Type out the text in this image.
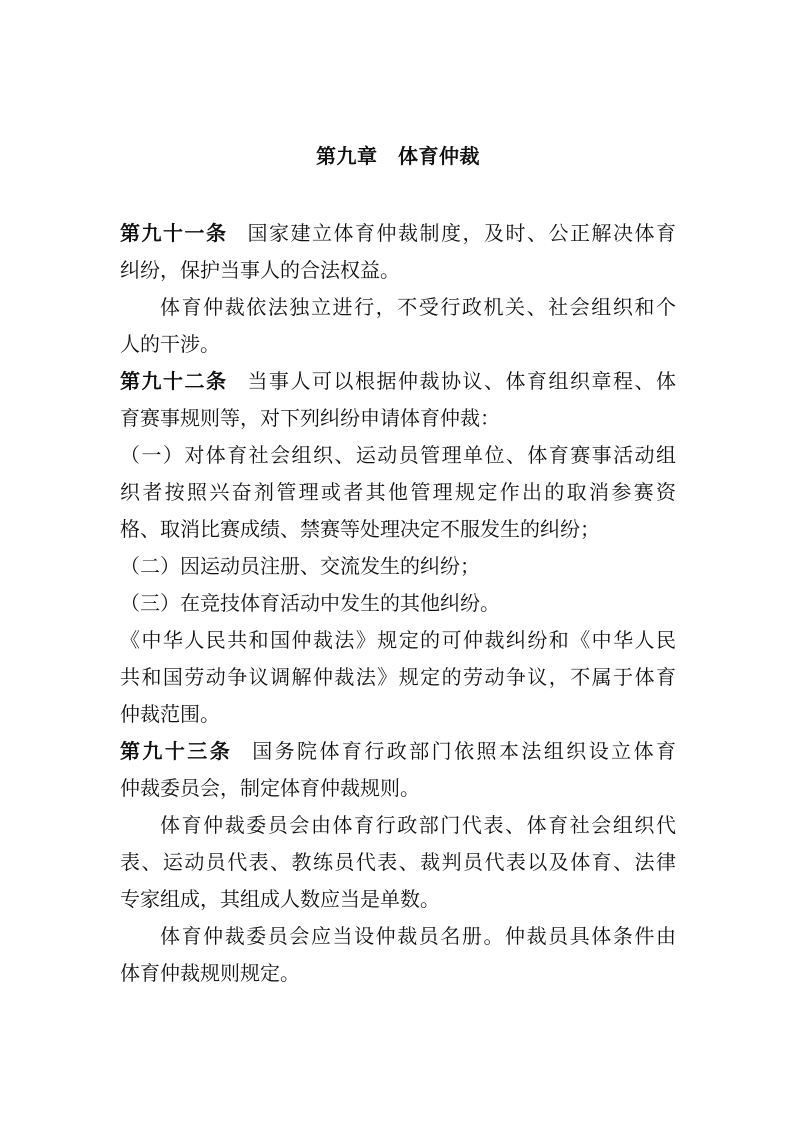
第九章　体育仲裁
第九十一条 国家建立体育仲裁制度，及时、公正解决体育
纠纷，保护当事人的合法权益。
体育仲裁依法独立进行，不受行政机关、社会组织和个
人的干涉。
第九十二条 当事人可以根据仲裁协议、体育组织章程、体
育赛事规则等，对下列纠纷申请体育仲裁：
（一）对体育社会组织、运动员管理单位、体育赛事活动组
织者按照兴奋剂管理或者其他管理规定作出的取消参赛资
格、取消比赛成绩、禁赛等处理决定不服发生的纠纷；
（二）因运动员注册、交流发生的纠纷；
（三）在竞技体育活动中发生的其他纠纷。
《中华人民共和国仲裁法》规定的可仲裁纠纷和《中华人民
共和国劳动争议调解仲裁法》规定的劳动争议，不属于体育
仲裁范围。
第九十三条 国务院体育行政部门依照本法组织设立体育
仲裁委员会，制定体育仲裁规则。
体育仲裁委员会由体育行政部门代表、体育社会组织代
表、运动员代表、教练员代表、裁判员代表以及体育、法律
专家组成，其组成人数应当是单数。
体育仲裁委员会应当设仲裁员名册。仲裁员具体条件由
体育仲裁规则规定。
